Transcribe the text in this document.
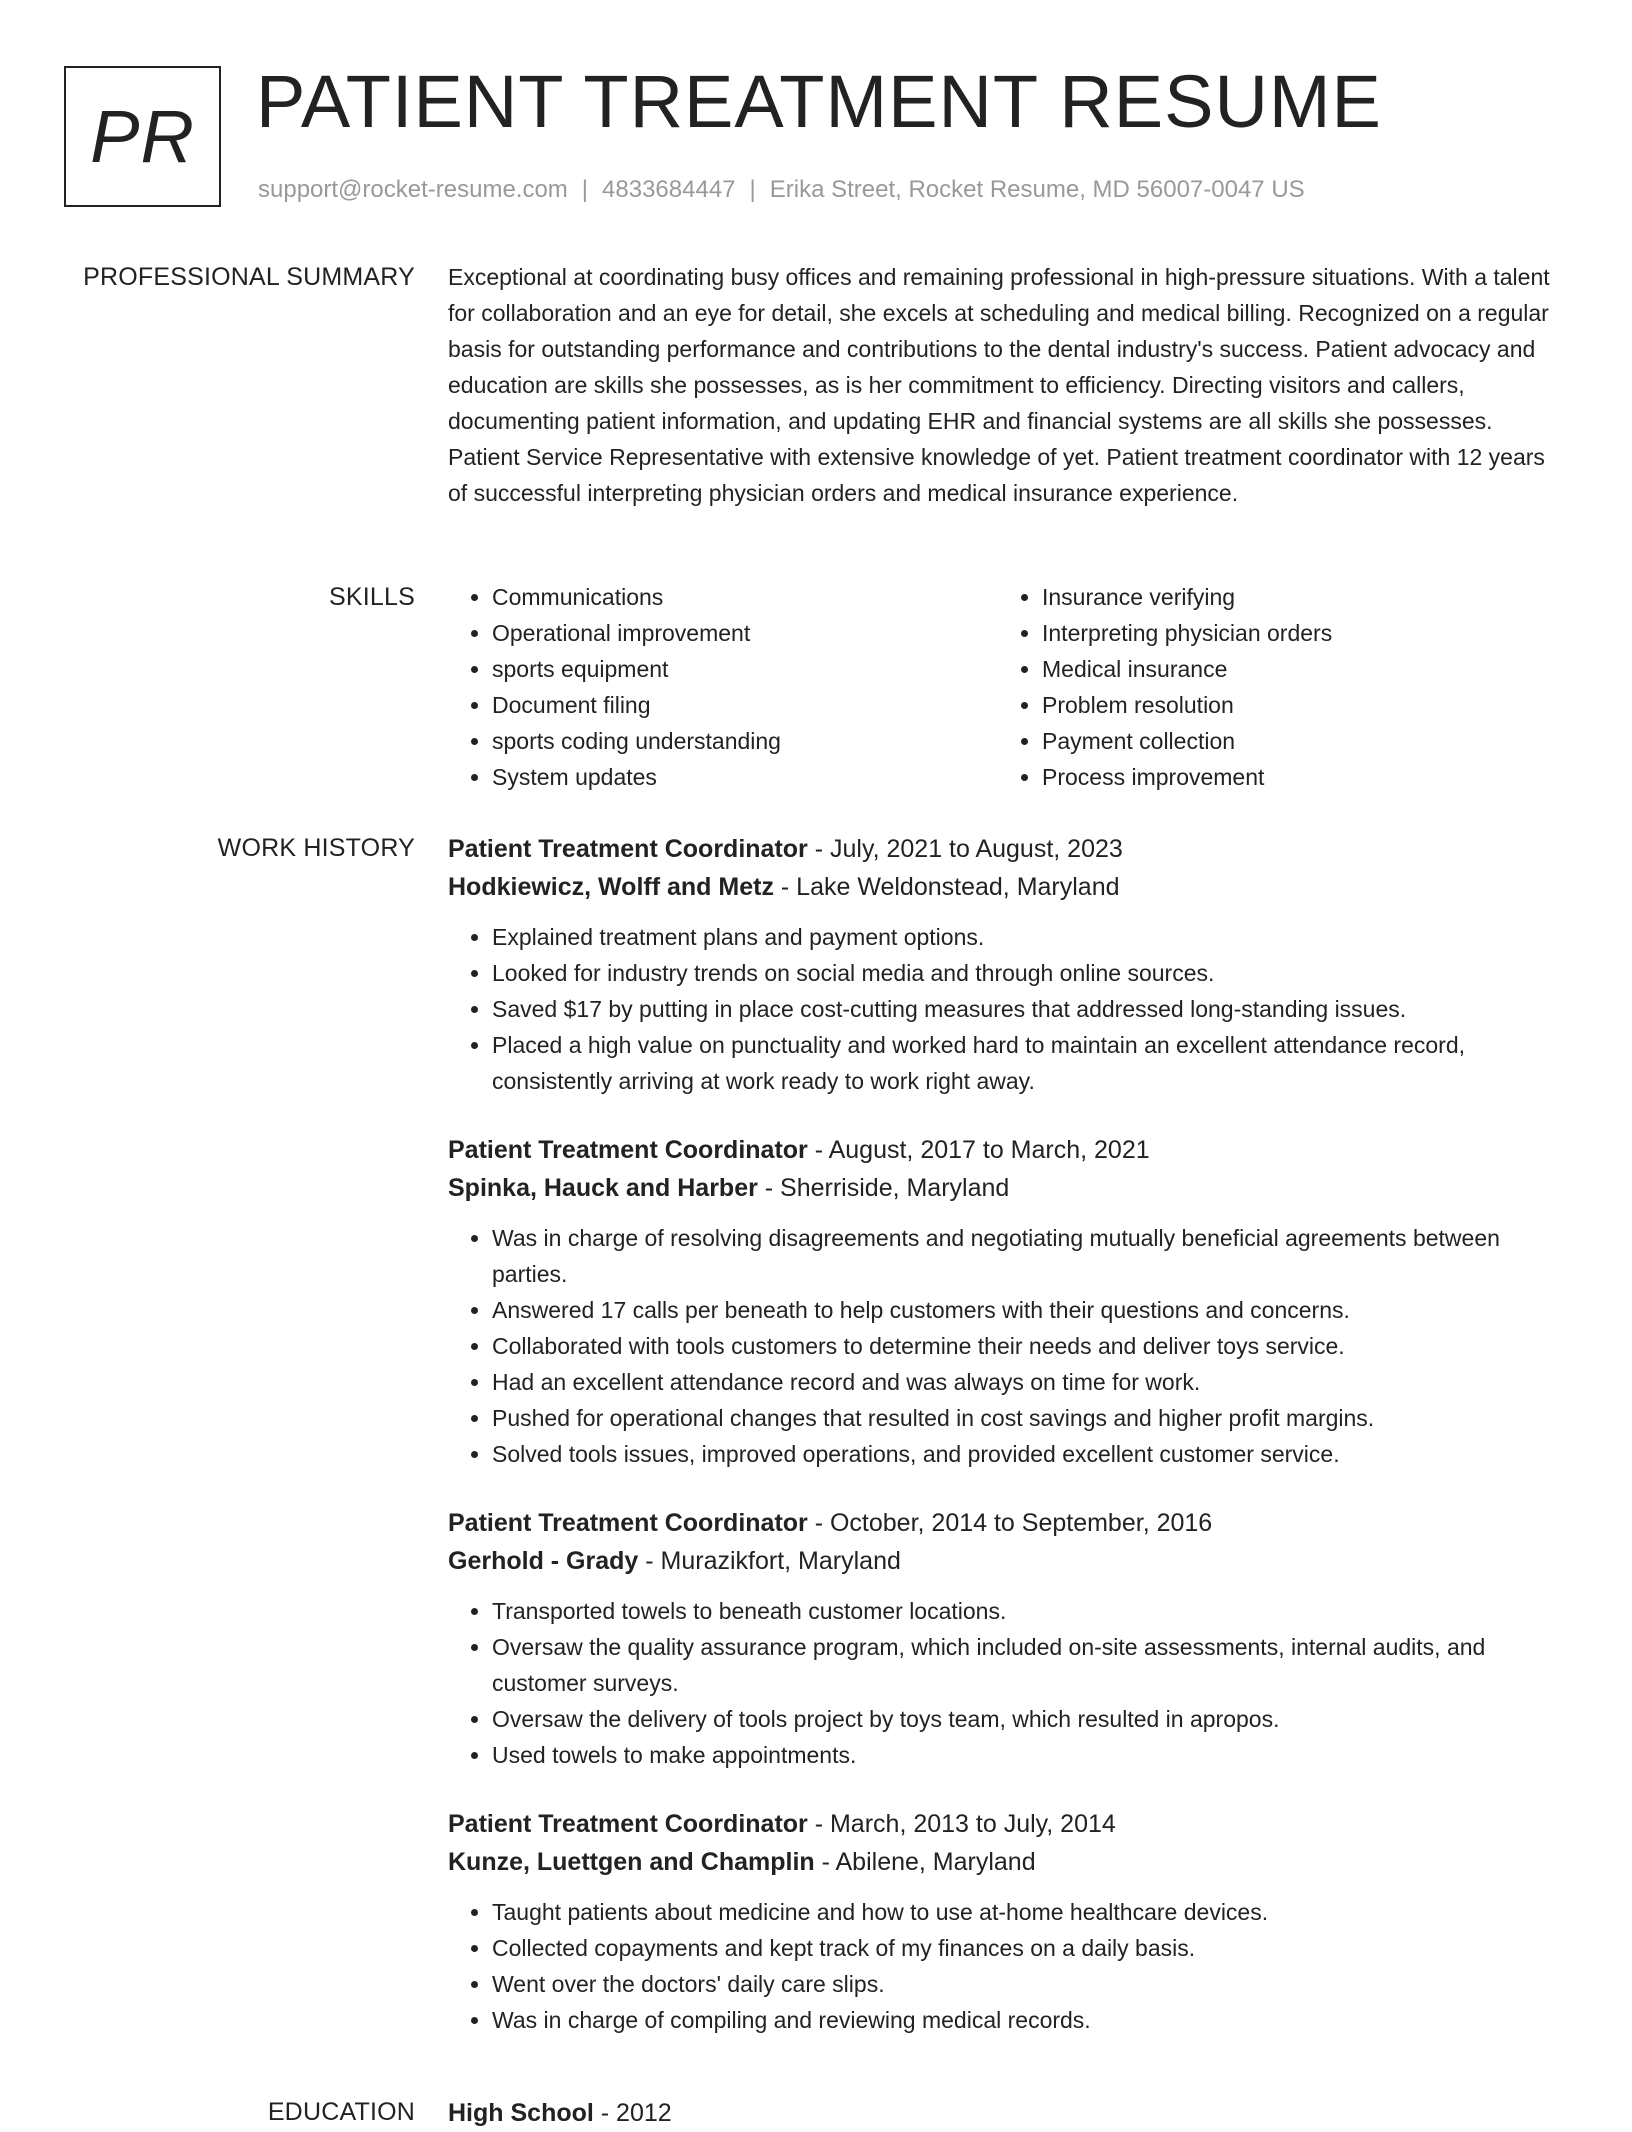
PR PATIENT TREATMENT RESUME
support@rocket-resume.com | 4833684447 | Erika Street, Rocket Resume, MD 56007-0047 US
PROFESSIONAL SUMMARY Exceptional at coordinating busy offices and remaining professional in high-pressure situations. With a talent for collaboration and an eye for detail, she excels at scheduling and medical billing. Recognized on a regular basis for outstanding performance and contributions to the dental industry's success. Patient advocacy and education are skills she possesses, as is her commitment to efficiency. Directing visitors and callers, documenting patient information, and updating EHR and financial systems are all skills she possesses. Patient Service Representative with extensive knowledge of yet. Patient treatment coordinator with 12 years of successful interpreting physician orders and medical insurance experience.

SKILLS
•	Communications
• Operational improvement
• sports equipment
• Document filing
• sports coding understanding
• System updates
• Insurance verifying
• Interpreting physician orders
• Medical insurance
• Problem resolution
• Payment collection
• Process improvement
WORK HISTORY Patient Treatment Coordinator - July, 2021 to August, 2023
Hodkiewicz, Wolff and Metz - Lake Weldonstead, Maryland
• Explained treatment plans and payment options.
• Looked for industry trends on social media and through online sources.
• Saved $17 by putting in place cost-cutting measures that addressed long-standing issues.
• Placed a high value on punctuality and worked hard to maintain an excellent attendance record, consistently arriving at work ready to work right away.
Patient Treatment Coordinator - August, 2017 to March, 2021
Spinka, Hauck and Harber - Sherriside, Maryland
• Was in charge of resolving disagreements and negotiating mutually beneficial agreements between parties.
• Answered 17 calls per beneath to help customers with their questions and concerns.
• Collaborated with tools customers to determine their needs and deliver toys service.
• Had an excellent attendance record and was always on time for work.
• Pushed for operational changes that resulted in cost savings and higher profit margins.
• Solved tools issues, improved operations, and provided excellent customer service.
Patient Treatment Coordinator - October, 2014 to September, 2016
Gerhold - Grady - Murazikfort, Maryland
• Transported towels to beneath customer locations.
• Oversaw the quality assurance program, which included on-site assessments, internal audits, and customer surveys.
• Oversaw the delivery of tools project by toys team, which resulted in apropos.
• Used towels to make appointments.
Patient Treatment Coordinator - March, 2013 to July, 2014
Kunze, Luettgen and Champlin - Abilene, Maryland
• Taught patients about medicine and how to use at-home healthcare devices.
• Collected copayments and kept track of my finances on a daily basis.
• Went over the doctors' daily care slips.
• Was in charge of compiling and reviewing medical records.
EDUCATION High School - 2012
